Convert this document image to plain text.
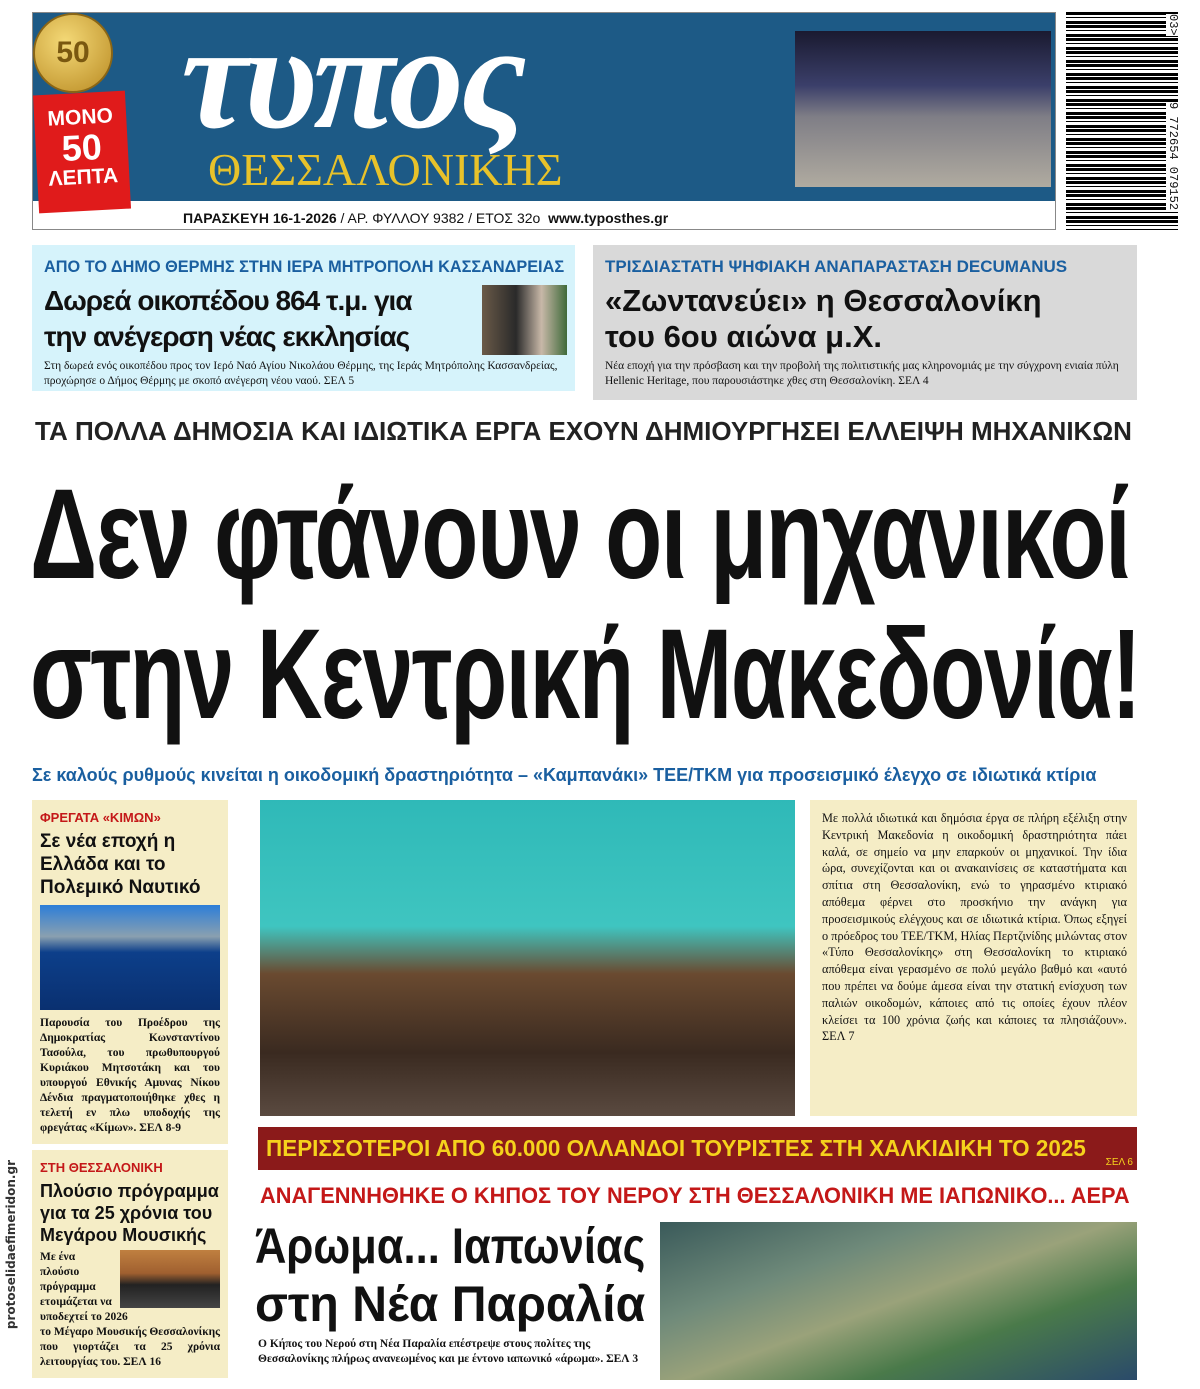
τυπος
ΘΕΣΣΑΛΟΝΙΚΗΣ
ΜΟΝΟ
50
ΛΕΠΤΑ
50
ΠΑΡΑΣΚΕΥΗ 16-1-2026 / ΑΡ. ΦΥΛΛΟΥ 9382 / ΕΤΟΣ 32ο www.typosthes.gr
03>
9 772654 079152
ΑΠΟ ΤΟ ΔΗΜΟ ΘΕΡΜΗΣ ΣΤΗΝ ΙΕΡΑ ΜΗΤΡΟΠΟΛΗ ΚΑΣΣΑΝΔΡΕΙΑΣ
Δωρεά οικοπέδου 864 τ.μ. για
την ανέγερση νέας εκκλησίας
Στη δωρεά ενός οικοπέδου προς τον Ιερό Ναό Αγίου Νικολάου Θέρμης, της Ιεράς Μητρόπολης Κασσανδρείας, προχώρησε ο Δήμος Θέρμης με σκοπό ανέγερση νέου ναού. ΣΕΛ 5
ΤΡΙΣΔΙΑΣΤΑΤΗ ΨΗΦΙΑΚΗ ΑΝΑΠΑΡΑΣΤΑΣΗ DECUMANUS
«Ζωντανεύει» η Θεσσαλονίκη
του 6ου αιώνα μ.Χ.
Νέα εποχή για την πρόσβαση και την προβολή της πολιτιστικής μας κληρονομιάς με την σύγχρονη ενιαία πύλη Hellenic Heritage, που παρουσιάστηκε χθες στη Θεσσαλονίκη. ΣΕΛ 4
ΤΑ ΠΟΛΛΑ ΔΗΜΟΣΙΑ ΚΑΙ ΙΔΙΩΤΙΚΑ ΕΡΓΑ ΕΧΟΥΝ ΔΗΜΙΟΥΡΓΗΣΕΙ ΕΛΛΕΙΨΗ ΜΗΧΑΝΙΚΩΝ
Δεν φτάνουν οι μηχανικοί
στην Κεντρική Μακεδονία!
Σε καλούς ρυθμούς κινείται η οικοδομική δραστηριότητα – «Καμπανάκι» ΤΕΕ/ΤΚΜ για προσεισμικό έλεγχο σε ιδιωτικά κτίρια
ΦΡΕΓΑΤΑ «ΚΙΜΩΝ»
Σε νέα εποχή η Ελλάδα και το Πολεμικό Ναυτικό
Παρουσία του Προέδρου της Δημοκρατίας Κωνσταντίνου Τασούλα, του πρωθυπουργού Κυριάκου Μητσοτάκη και του υπουργού Εθνικής Αμυνας Νίκου Δένδια πραγματοποιήθηκε χθες η τελετή εν πλω υποδοχής της φρεγάτας «Κίμων». ΣΕΛ 8-9
ΣΤΗ ΘΕΣΣΑΛΟΝΙΚΗ
Πλούσιο πρόγραμμα για τα 25 χρόνια του Μεγάρου Μουσικής
Με ένα πλούσιο πρόγραμμα ετοιμάζεται να υποδεχτεί το 2026
το Μέγαρο Μουσικής Θεσσαλονίκης που γιορτάζει τα 25 χρόνια λειτουργίας του. ΣΕΛ 16
Με πολλά ιδιωτικά και δημόσια έργα σε πλήρη εξέλιξη στην Κεντρική Μακεδονία η οικοδομική δραστηριότητα πάει καλά, σε σημείο να μην επαρκούν οι μηχανικοί. Την ίδια ώρα, συνεχίζονται και οι ανακαινίσεις σε καταστήματα και σπίτια στη Θεσσαλονίκη, ενώ το γηρασμένο κτιριακό απόθεμα φέρνει στο προσκήνιο την ανάγκη για προσεισμικούς ελέγχους και σε ιδιωτικά κτίρια. Όπως εξηγεί ο πρόεδρος του ΤΕΕ/ΤΚΜ, Ηλίας Περτζινίδης μιλώντας στον «Τύπο Θεσσαλονίκης» στη Θεσσαλονίκη το κτιριακό απόθεμα είναι γερασμένο σε πολύ μεγάλο βαθμό και «αυτό που πρέπει να δούμε άμεσα είναι την στατική ενίσχυση των παλιών οικοδομών, κάποιες από τις οποίες έχουν πλέον κλείσει τα 100 χρόνια ζωής και κάποιες τα πλησιάζουν». ΣΕΛ 7
ΠΕΡΙΣΣΟΤΕΡΟΙ ΑΠΟ 60.000 ΟΛΛΑΝΔΟΙ ΤΟΥΡΙΣΤΕΣ ΣΤΗ ΧΑΛΚΙΔΙΚΗ ΤΟ 2025
ΣΕΛ 6
ΑΝΑΓΕΝΝΗΘΗΚΕ Ο ΚΗΠΟΣ ΤΟΥ ΝΕΡΟΥ ΣΤΗ ΘΕΣΣΑΛΟΝΙΚΗ ΜΕ ΙΑΠΩΝΙΚΟ... ΑΕΡΑ
Άρωμα... Ιαπωνίας
στη Νέα Παραλία
Ο Κήπος του Νερού στη Νέα Παραλία επέστρεψε στους πολίτες της Θεσσαλονίκης πλήρως ανανεωμένος και με έντονο ιαπωνικό «άρωμα». ΣΕΛ 3
protoselidaefimeridon.gr
